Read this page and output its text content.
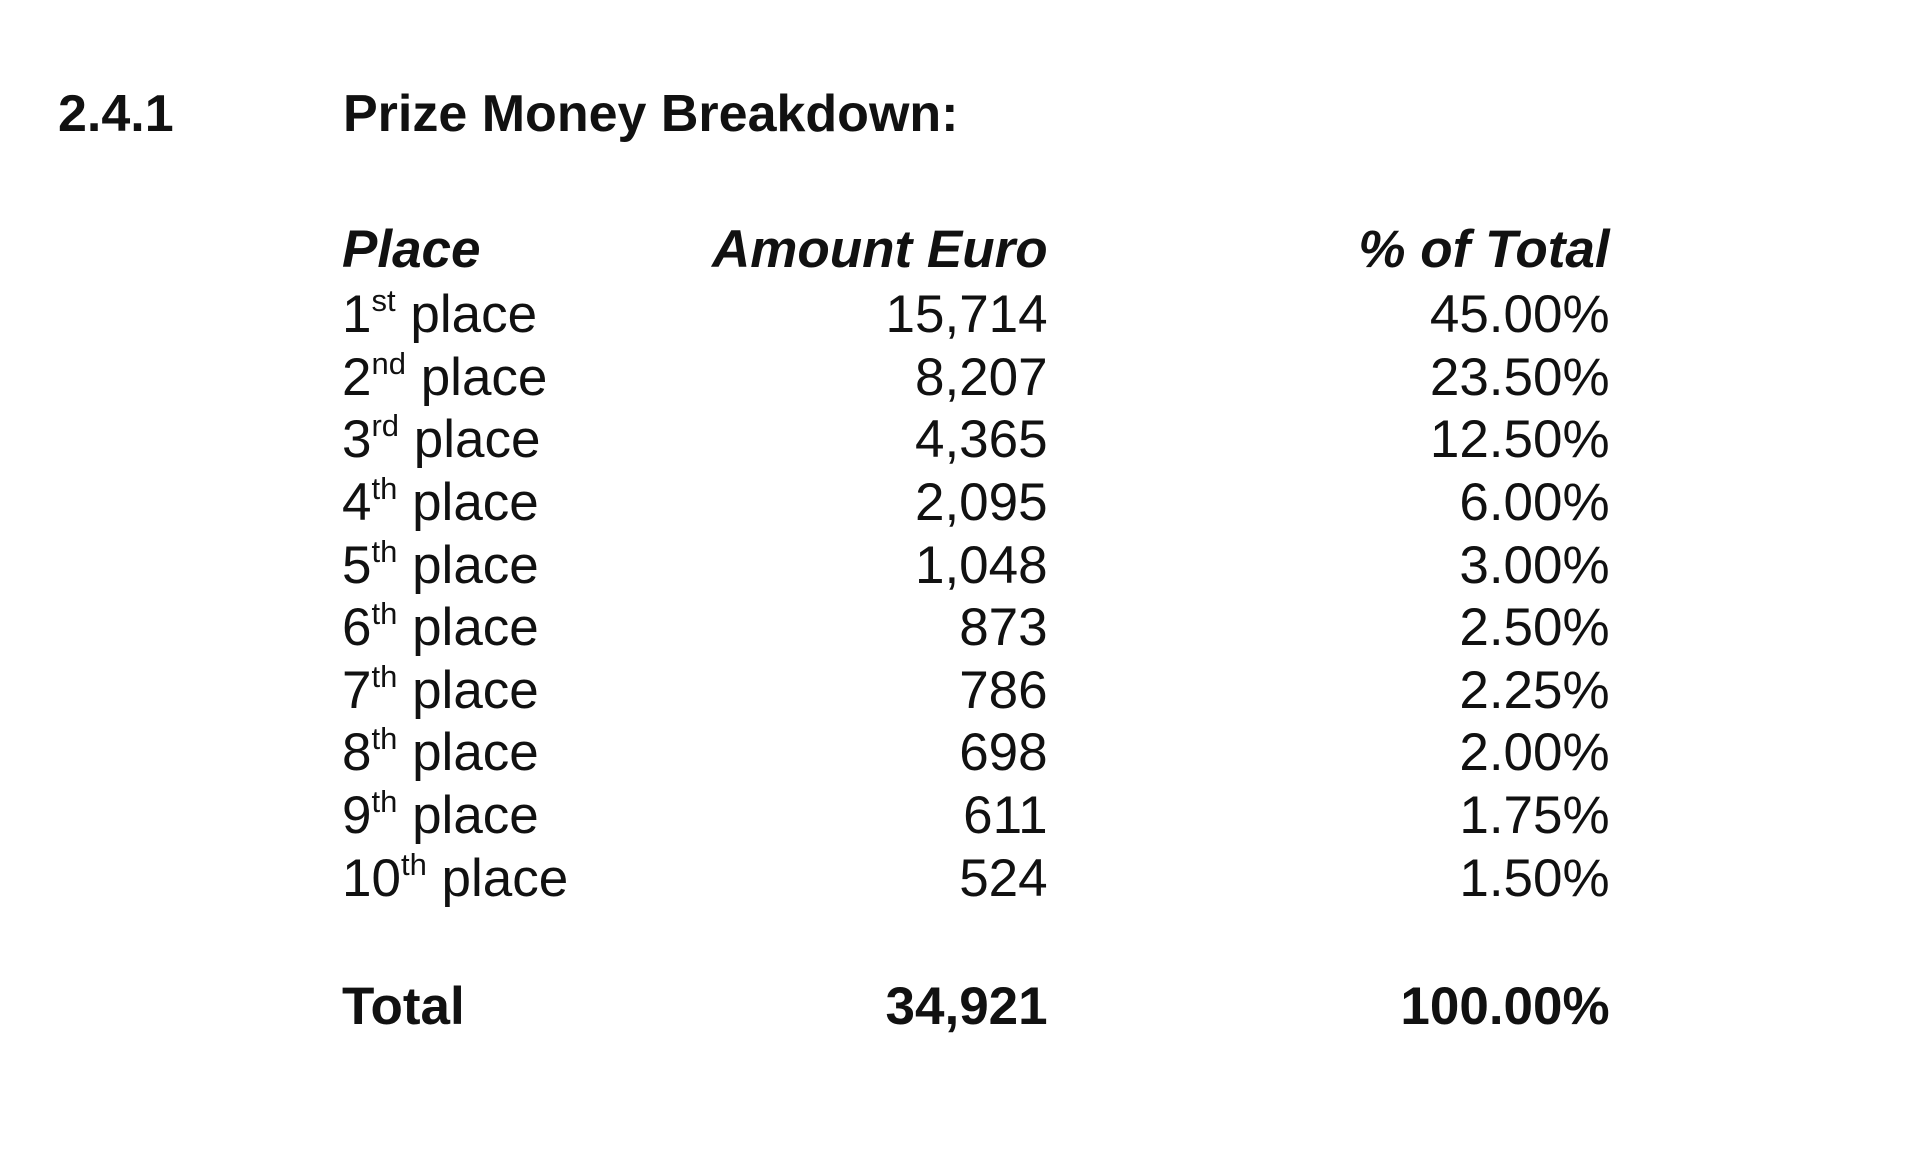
2.4.1	Prize Money Breakdown:
Place	Amount Euro	% of Total
1st place	15,714	45.00%
2nd place	8,207	23.50%
3rd place	4,365	12.50%
4th place	2,095	6.00%
5th place	1,048	3.00%
6th place	873	2.50%
7th place	786	2.25%
8th place	698	2.00%
9th place	611	1.75%
10th place	524	1.50%

Total	34,921	100.00%
